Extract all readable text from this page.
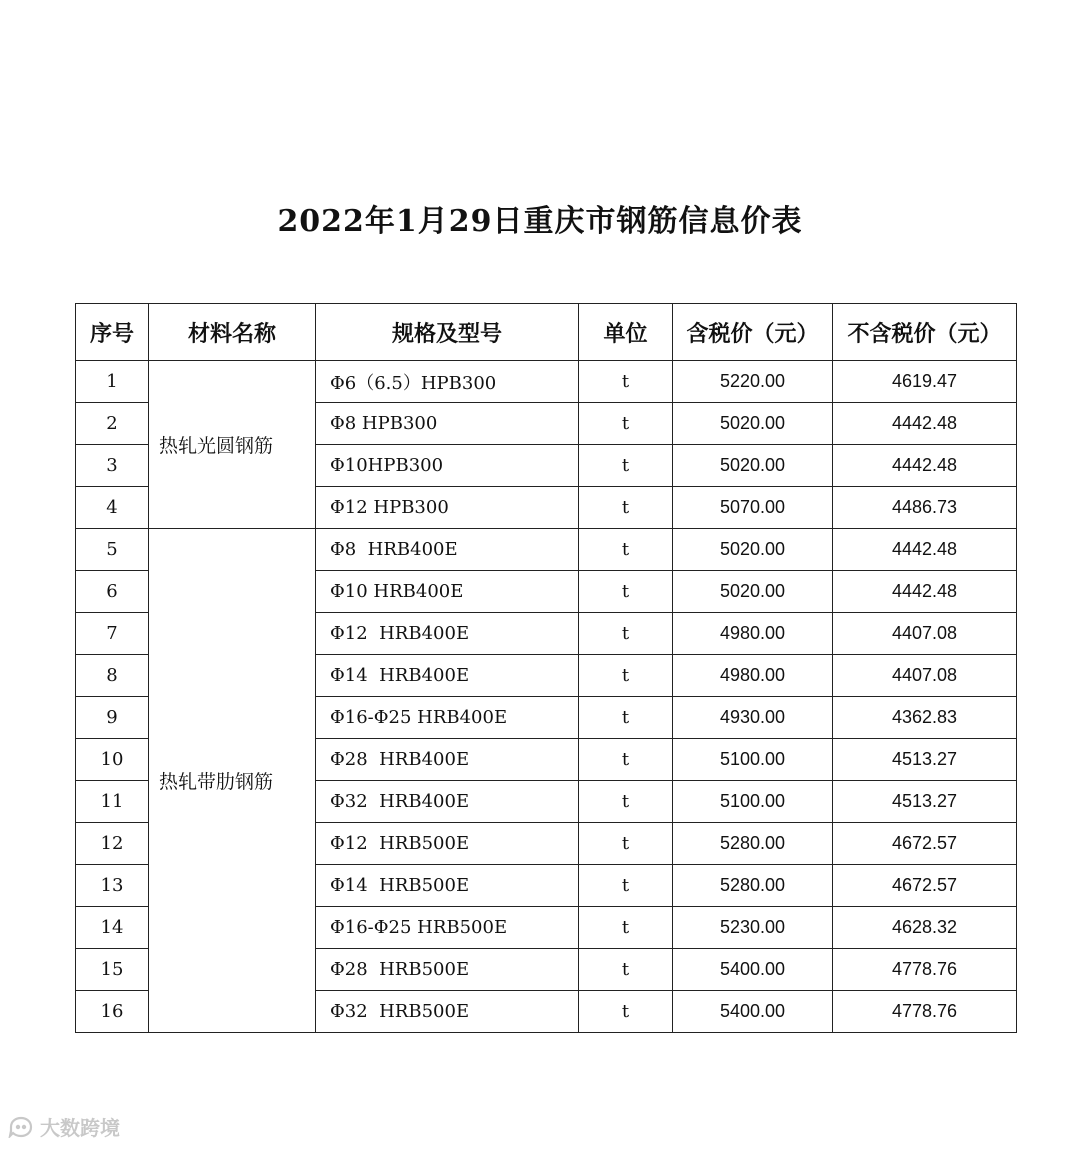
2022年1月29日重庆市钢筋信息价表
序号	材料名称	规格及型号	单位	含税价（元）	不含税价（元）
1	热轧光圆钢筋	Φ6（6.5）HPB300	t	5220.00	4619.47
2		Φ8 HPB300	t	5020.00	4442.48
3		Φ10HPB300	t	5020.00	4442.48
4		Φ12 HPB300	t	5070.00	4486.73
5	热轧带肋钢筋	Φ8  HRB400E	t	5020.00	4442.48
6		Φ10 HRB400E	t	5020.00	4442.48
7		Φ12  HRB400E	t	4980.00	4407.08
8		Φ14  HRB400E	t	4980.00	4407.08
9		Φ16-Φ25 HRB400E	t	4930.00	4362.83
10		Φ28  HRB400E	t	5100.00	4513.27
11		Φ32  HRB400E	t	5100.00	4513.27
12		Φ12  HRB500E	t	5280.00	4672.57
13		Φ14  HRB500E	t	5280.00	4672.57
14		Φ16-Φ25 HRB500E	t	5230.00	4628.32
15		Φ28  HRB500E	t	5400.00	4778.76
16		Φ32  HRB500E	t	5400.00	4778.76
大数跨境
